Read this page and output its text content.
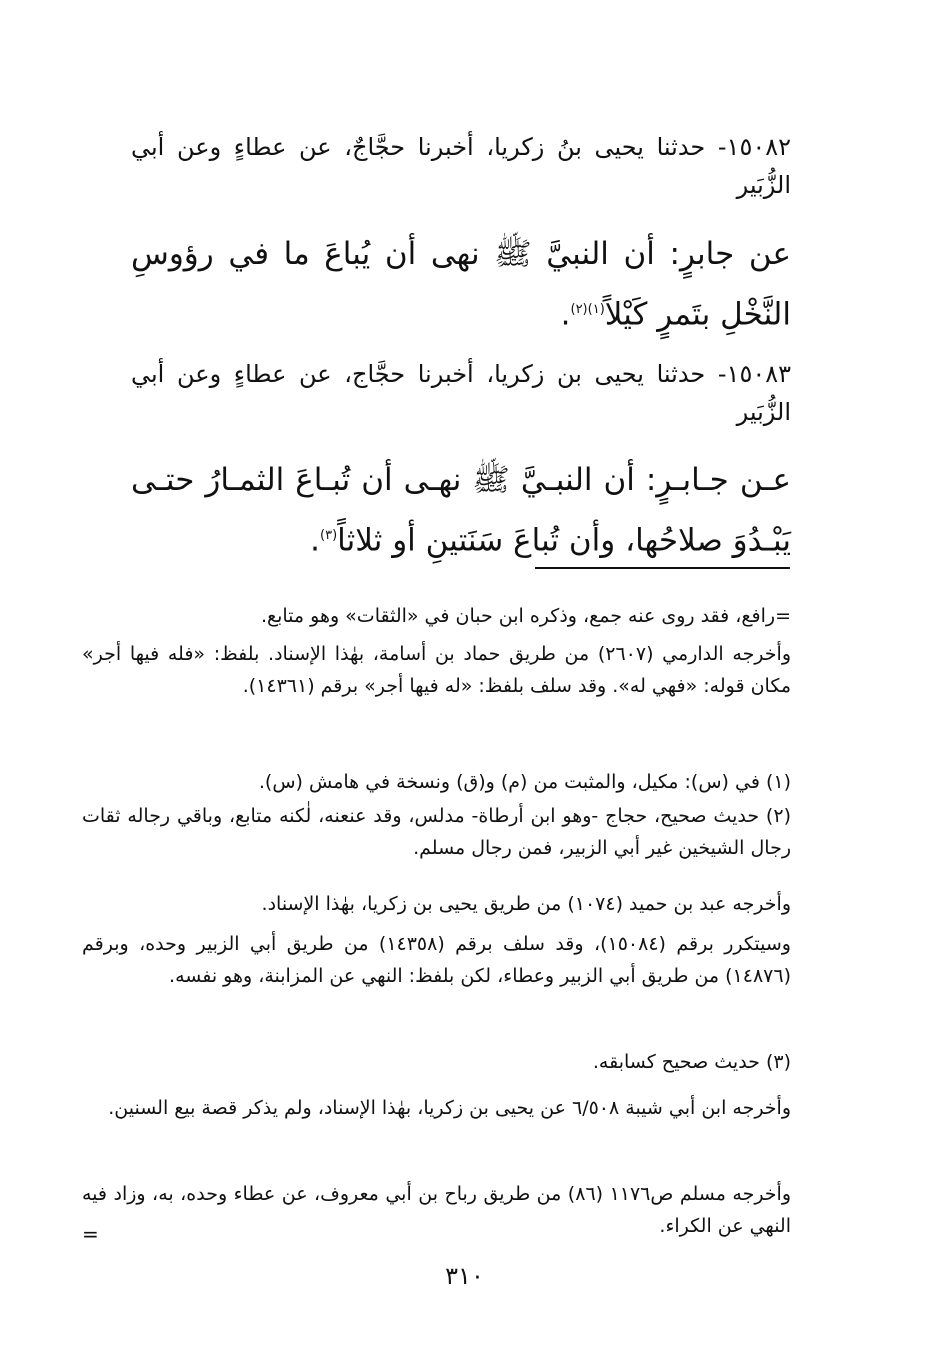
١٥٠٨٢- حدثنا يحيى بنُ زكريا، أخبرنا حجَّاجٌ، عن عطاءٍ وعن أبي الزُّبَير
عن جابرٍ: أن النبيَّ ﷺ نهى أن يُباعَ ما في رؤوسِ النَّخْلِ بتَمرٍ كَيْلاً$^{(١)(٢)}$.
١٥٠٨٣- حدثنا يحيى بن زكريا، أخبرنا حجَّاج، عن عطاءٍ وعن أبي الزُّبَير
عـن جـابـرٍ: أن النبـيَّ ﷺ نهـى أن تُبـاعَ الثمـارُ حتـى يَبْـدُوَ صلاحُها، وأن تُباعَ سَنَتينِ أو ثلاثاً$^{(٣)}$.
=رافع، فقد روى عنه جمع، وذكره ابن حبان في «الثقات» وهو متابع.
وأخرجه الدارمي (٢٦٠٧) من طريق حماد بن أسامة، بهٰذا الإسناد. بلفظ: «فله فيها أجر» مكان قوله: «فهي له». وقد سلف بلفظ: «له فيها أجر» برقم (١٤٣٦١).
(١) في (س): مكيل، والمثبت من (م) و(ق) ونسخة في هامش (س).
(٢) حديث صحيح، حجاج -وهو ابن أرطاة- مدلس، وقد عنعنه، لٰكنه متابع، وباقي رجاله ثقات رجال الشيخين غير أبي الزبير، فمن رجال مسلم.
وأخرجه عبد بن حميد (١٠٧٤) من طريق يحيى بن زكريا، بهٰذا الإسناد.
وسيتكرر برقم (١٥٠٨٤)، وقد سلف برقم (١٤٣٥٨) من طريق أبي الزبير وحده، وبرقم (١٤٨٧٦) من طريق أبي الزبير وعطاء، لكن بلفظ: النهي عن المزابنة، وهو نفسه.
(٣) حديث صحيح كسابقه.
وأخرجه ابن أبي شيبة ٦/٥٠٨ عن يحيى بن زكريا، بهٰذا الإسناد، ولم يذكر قصة بيع السنين.
وأخرجه مسلم ص١١٧٦ (٨٦) من طريق رباح بن أبي معروف، عن عطاء وحده، به، وزاد فيه النهي عن الكراء.
=
٣١٠
